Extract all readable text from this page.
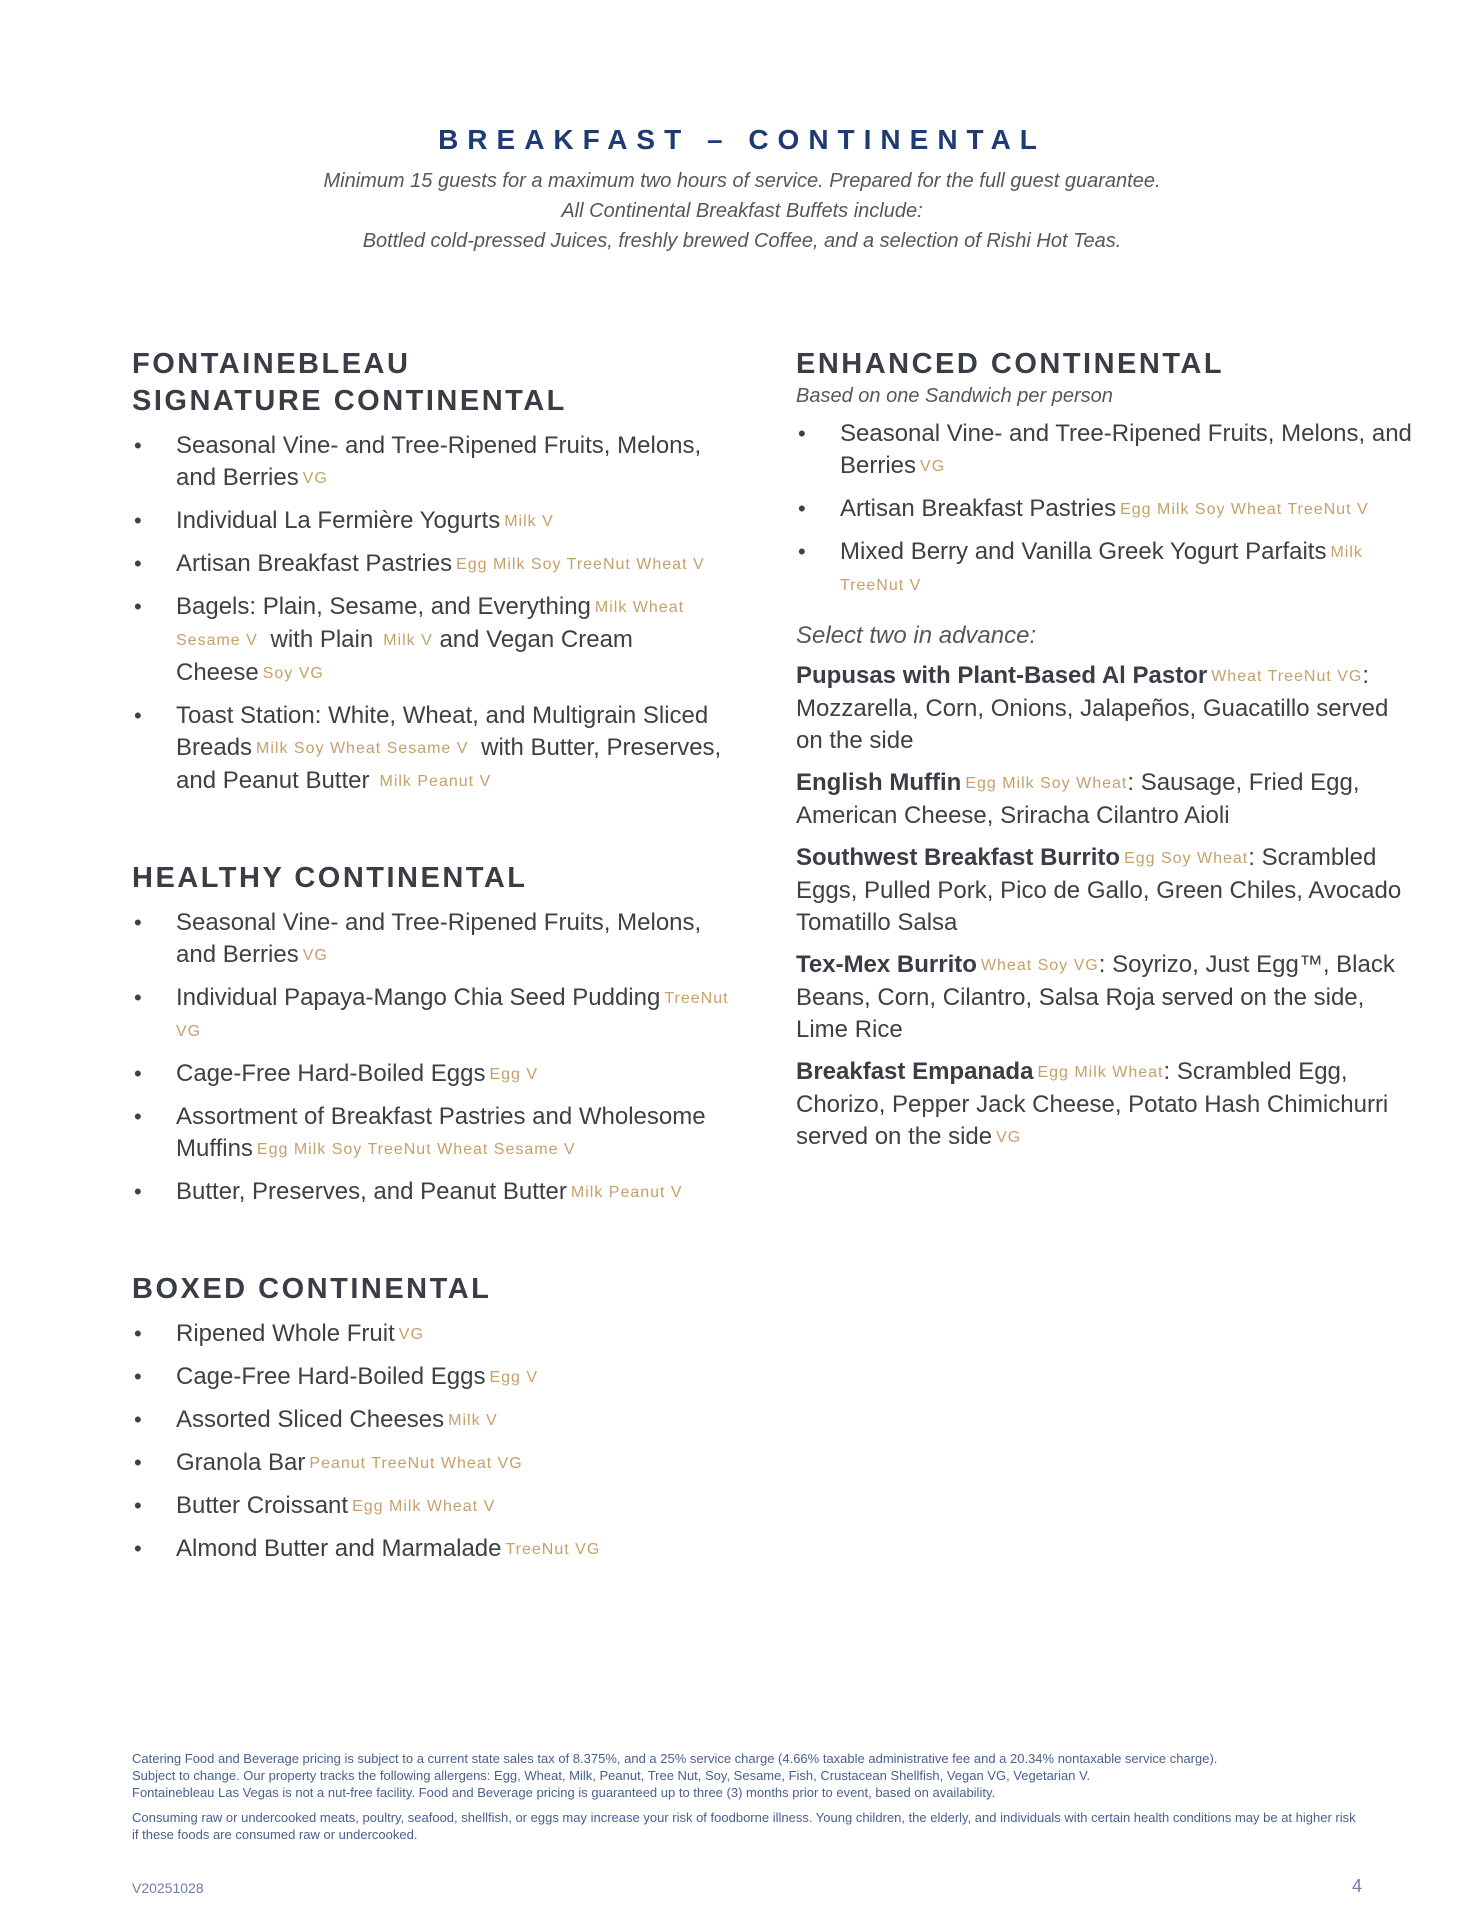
BREAKFAST – CONTINENTAL
Minimum 15 guests for a maximum two hours of service. Prepared for the full guest guarantee.
All Continental Breakfast Buffets include:
Bottled cold-pressed Juices, freshly brewed Coffee, and a selection of Rishi Hot Teas.
FONTAINEBLEAU
SIGNATURE CONTINENTAL
• Seasonal Vine- and Tree-Ripened Fruits, Melons, and Berries VG
• Individual La Fermière Yogurts Milk V
• Artisan Breakfast Pastries Egg Milk Soy TreeNut Wheat V
• Bagels: Plain, Sesame, and Everything Milk Wheat Sesame V with Plain Milk V and Vegan Cream Cheese Soy VG
• Toast Station: White, Wheat, and Multigrain Sliced Breads Milk Soy Wheat Sesame V with Butter, Preserves, and Peanut Butter Milk Peanut V
HEALTHY CONTINENTAL
• Seasonal Vine- and Tree-Ripened Fruits, Melons, and Berries VG
• Individual Papaya-Mango Chia Seed Pudding TreeNut VG
• Cage-Free Hard-Boiled Eggs Egg V
• Assortment of Breakfast Pastries and Wholesome Muffins Egg Milk Soy TreeNut Wheat Sesame V
• Butter, Preserves, and Peanut Butter Milk Peanut V
BOXED CONTINENTAL
• Ripened Whole Fruit VG
• Cage-Free Hard-Boiled Eggs Egg V
• Assorted Sliced Cheeses Milk V
• Granola Bar Peanut TreeNut Wheat VG
• Butter Croissant Egg Milk Wheat V
• Almond Butter and Marmalade TreeNut VG
ENHANCED CONTINENTAL
Based on one Sandwich per person
• Seasonal Vine- and Tree-Ripened Fruits, Melons, and Berries VG
• Artisan Breakfast Pastries Egg Milk Soy Wheat TreeNut V
• Mixed Berry and Vanilla Greek Yogurt Parfaits Milk TreeNut V
Select two in advance:
Pupusas with Plant-Based Al Pastor Wheat TreeNut VG: Mozzarella, Corn, Onions, Jalapeños, Guacatillo served on the side
English Muffin Egg Milk Soy Wheat: Sausage, Fried Egg, American Cheese, Sriracha Cilantro Aioli
Southwest Breakfast Burrito Egg Soy Wheat: Scrambled Eggs, Pulled Pork, Pico de Gallo, Green Chiles, Avocado Tomatillo Salsa
Tex-Mex Burrito Wheat Soy VG: Soyrizo, Just Egg™, Black Beans, Corn, Cilantro, Salsa Roja served on the side, Lime Rice
Breakfast Empanada Egg Milk Wheat: Scrambled Egg, Chorizo, Pepper Jack Cheese, Potato Hash Chimichurri served on the side VG

Catering Food and Beverage pricing is subject to a current state sales tax of 8.375%, and a 25% service charge (4.66% taxable administrative fee and a 20.34% nontaxable service charge).
Subject to change. Our property tracks the following allergens: Egg, Wheat, Milk, Peanut, Tree Nut, Soy, Sesame, Fish, Crustacean Shellfish, Vegan VG, Vegetarian V.
Fontainebleau Las Vegas is not a nut-free facility. Food and Beverage pricing is guaranteed up to three (3) months prior to event, based on availability.

Consuming raw or undercooked meats, poultry, seafood, shellfish, or eggs may increase your risk of foodborne illness. Young children, the elderly, and individuals with certain health conditions may be at higher risk if these foods are consumed raw or undercooked.

V20251028	4
